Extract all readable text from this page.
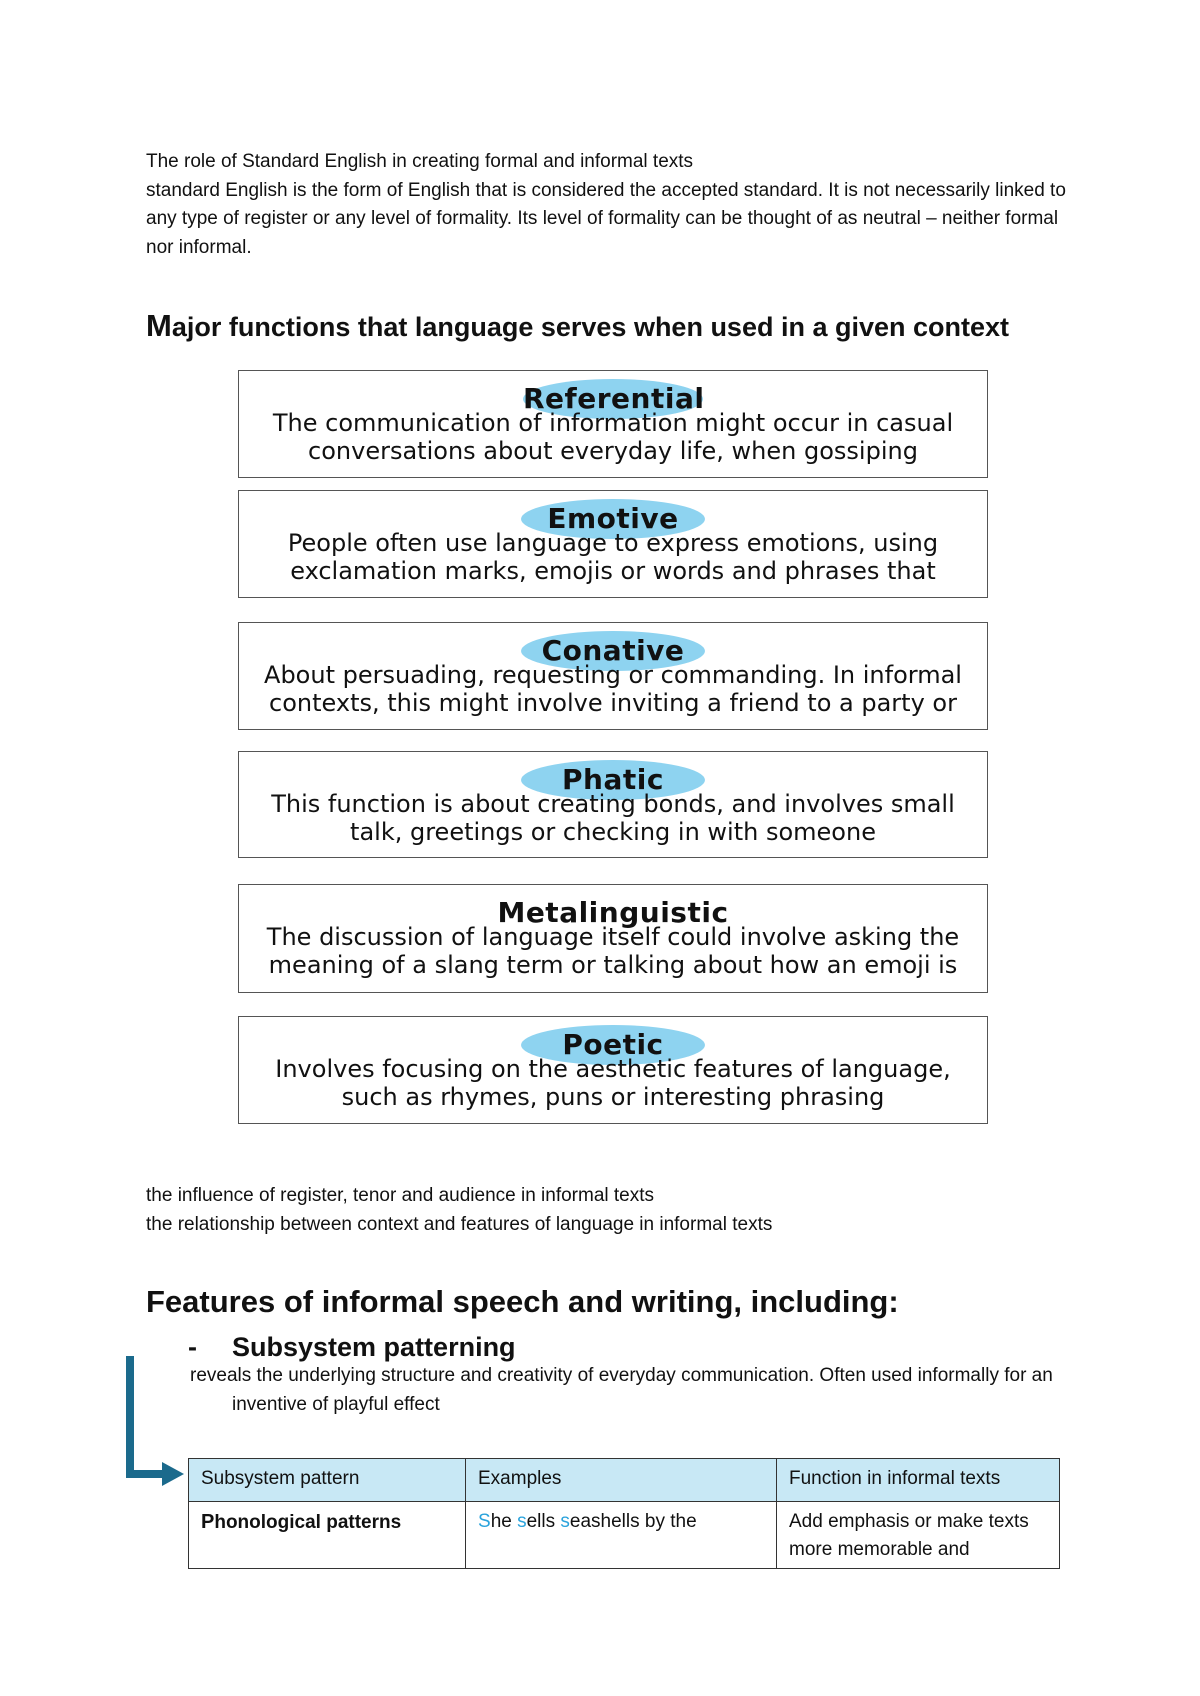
The role of Standard English in creating formal and informal texts

standard English is the form of English that is considered the accepted standard. It is not necessarily linked to any type of register or any level of formality. Its level of formality can be thought of as neutral – neither formal nor informal.

Major functions that language serves when used in a given context
Referential
The communication of information might occur in casual
conversations about everyday life, when gossiping
Emotive
People often use language to express emotions, using
exclamation marks, emojis or words and phrases that
Conative
About persuading, requesting or commanding. In informal
contexts, this might involve inviting a friend to a party or
Phatic
This function is about creating bonds, and involves small
talk, greetings or checking in with someone
Metalinguistic
The discussion of language itself could involve asking the
meaning of a slang term or talking about how an emoji is
Poetic
Involves focusing on the aesthetic features of language,
such as rhymes, puns or interesting phrasing

the influence of register, tenor and audience in informal texts

the relationship between context and features of language in informal texts

Features of informal speech and writing, including:
- Subsystem patterning

reveals the underlying structure and creativity of everyday communication. Often used informally for an inventive of playful effect

Subsystem pattern	Examples	Function in informal texts
Phonological patterns	She sells seashells by the	Add emphasis or make texts more memorable and
